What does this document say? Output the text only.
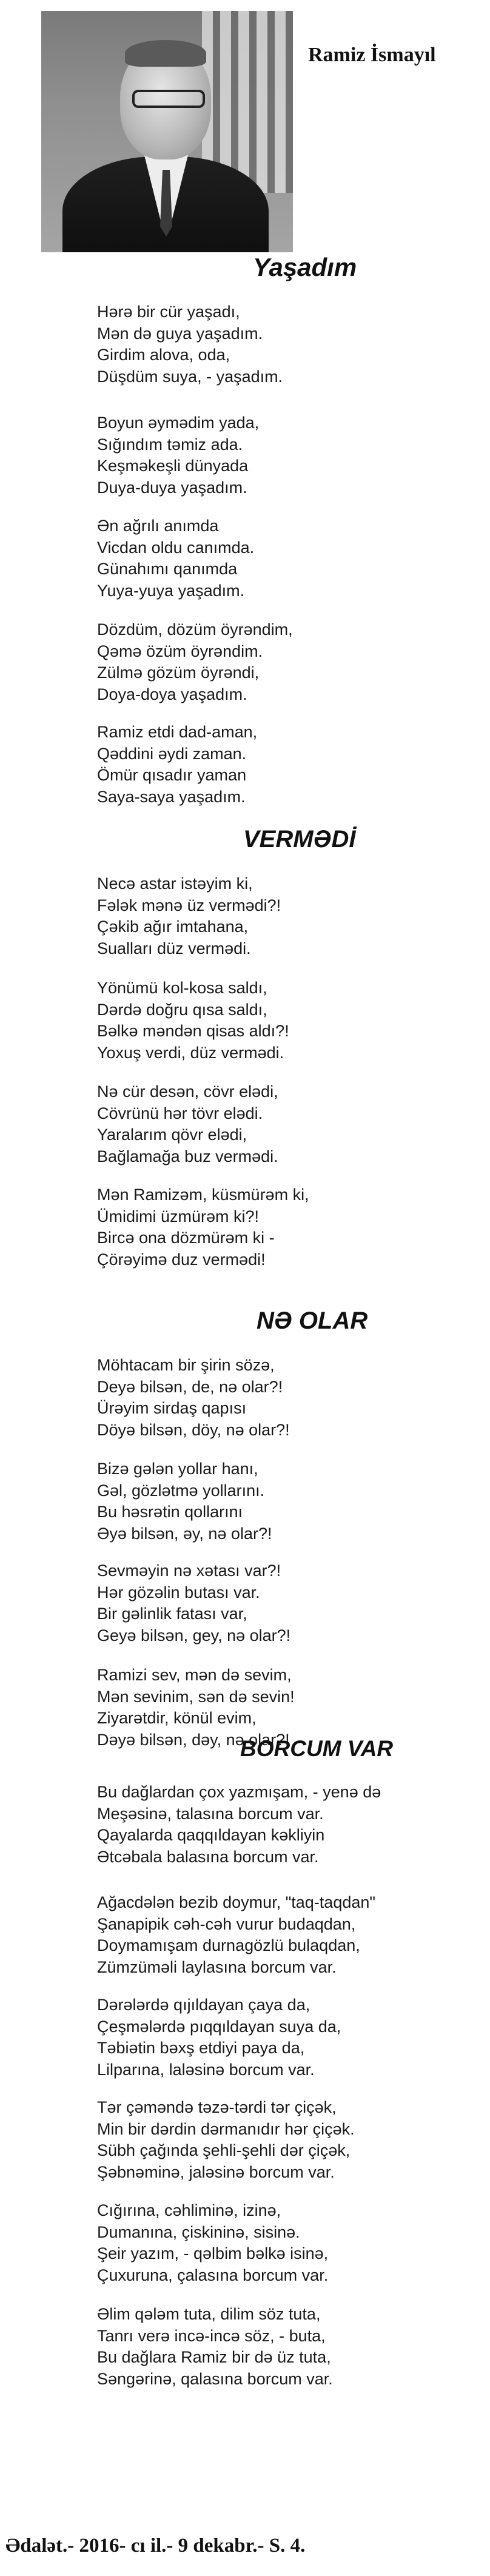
Ramiz İsmayıl
Yaşadım
Hərə bir cür yaşadı,
Mən də guya yaşadım.
Girdim alova, oda,
Düşdüm suya, - yaşadım.
Boyun əymədim yada,
Sığındım təmiz ada.
Keşməkeşli dünyada
Duya-duya yaşadım.
Ən ağrılı anımda
Vicdan oldu canımda.
Günahımı qanımda
Yuya-yuya yaşadım.
Dözdüm, dözüm öyrəndim,
Qəmə özüm öyrəndim.
Zülmə gözüm öyrəndi,
Doya-doya yaşadım.
Ramiz etdi dad-aman,
Qəddini əydi zaman.
Ömür qısadır yaman
Saya-saya yaşadım.
VERMƏDİ
Necə astar istəyim ki,
Fələk mənə üz vermədi?!
Çəkib ağır imtahana,
Sualları düz vermədi.
Yönümü kol-kosa saldı,
Dərdə doğru qısa saldı,
Bəlkə məndən qisas aldı?!
Yoxuş verdi, düz vermədi.
Nə cür desən, cövr elədi,
Cövrünü hər tövr elədi.
Yaralarım qövr elədi,
Bağlamağa buz vermədi.
Mən Ramizəm, küsmürəm ki,
Ümidimi üzmürəm ki?!
Bircə ona dözmürəm ki -
Çörəyimə duz vermədi!
NƏ OLAR
Möhtacam bir şirin sözə,
Deyə bilsən, de, nə olar?!
Ürəyim sirdaş qapısı
Döyə bilsən, döy, nə olar?!
Bizə gələn yollar hanı,
Gəl, gözlətmə yollarını.
Bu həsrətin qollarını
Əyə bilsən, əy, nə olar?!
Sevməyin nə xətası var?!
Hər gözəlin butası var.
Bir gəlinlik fatası var,
Geyə bilsən, gey, nə olar?!
Ramizi sev, mən də sevim,
Mən sevinim, sən də sevin!
Ziyarətdir, könül evim,
Dəyə bilsən, dəy, nə olar?!
BORCUM VAR
Bu dağlardan çox yazmışam, - yenə də
Meşəsinə, talasına borcum var.
Qayalarda qaqqıldayan kəkliyin
Ətcəbala balasına borcum var.
Ağacdələn bezib doymur, "taq-taqdan"
Şanapipik cəh-cəh vurur budaqdan,
Doymamışam durnagözlü bulaqdan,
Zümzüməli laylasına borcum var.
Dərələrdə qıjıldayan çaya da,
Çeşmələrdə pıqqıldayan suya da,
Təbiətin bəxş etdiyi paya da,
Lilparına, laləsinə borcum var.
Tər çəməndə təzə-tərdi tər çiçək,
Min bir dərdin dərmanıdır hər çiçək.
Sübh çağında şehli-şehli dər çiçək,
Şəbnəminə, jaləsinə borcum var.
Cığırına, cəhliminə, izinə,
Dumanına, çiskininə, sisinə.
Şeir yazım, - qəlbim bəlkə isinə,
Çuxuruna, çalasına borcum var.
Əlim qələm tuta, dilim söz tuta,
Tanrı verə incə-incə söz, - buta,
Bu dağlara Ramiz bir də üz tuta,
Səngərinə, qalasına borcum var.
Ədalət.- 2016- cı il.- 9 dekabr.- S. 4.
